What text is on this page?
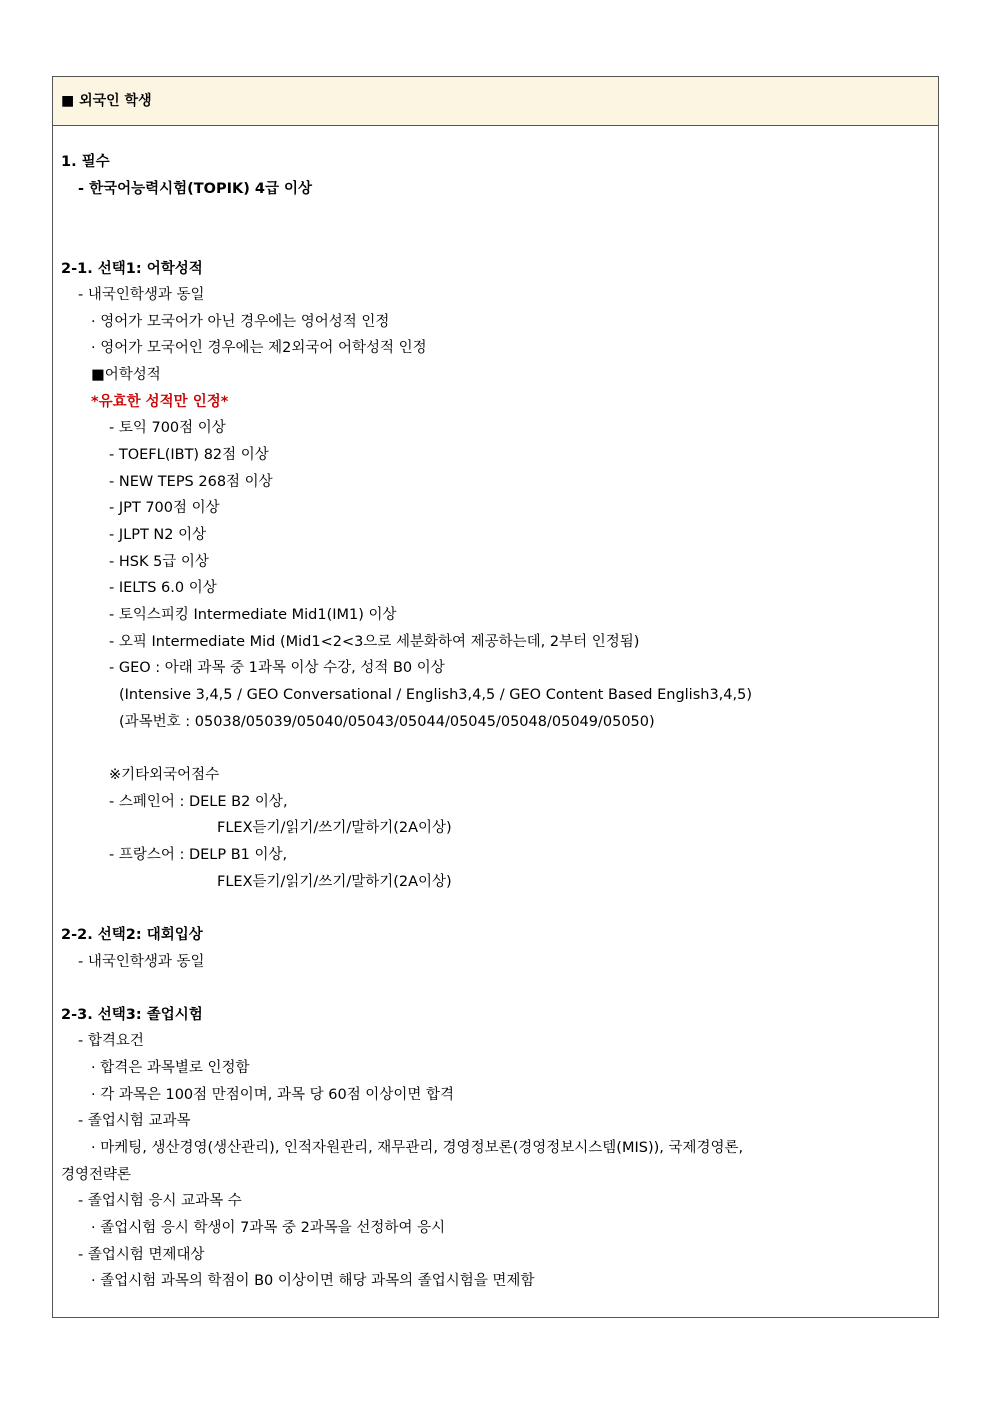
■ 외국인 학생
1. 필수
- 한국어능력시험(TOPIK) 4급 이상
2-1. 선택1: 어학성적
- 내국인학생과 동일
· 영어가 모국어가 아닌 경우에는 영어성적 인정
· 영어가 모국어인 경우에는 제2외국어 어학성적 인정
■어학성적
*유효한 성적만 인정*
- 토익 700점 이상
- TOEFL(IBT) 82점 이상
- NEW TEPS 268점 이상
- JPT 700점 이상
- JLPT N2 이상
- HSK 5급 이상
- IELTS 6.0 이상
- 토익스피킹 Intermediate Mid1(IM1) 이상
- 오픽 Intermediate Mid (Mid1<2<3으로 세분화하여 제공하는데, 2부터 인정됨)
- GEO : 아래 과목 중 1과목 이상 수강, 성적 B0 이상
(Intensive 3,4,5 / GEO Conversational / English3,4,5 / GEO Content Based English3,4,5)
(과목번호 : 05038/05039/05040/05043/05044/05045/05048/05049/05050)
※기타외국어점수
- 스페인어 : DELE B2 이상,
FLEX듣기/읽기/쓰기/말하기(2A이상)
- 프랑스어 : DELP B1 이상,
FLEX듣기/읽기/쓰기/말하기(2A이상)
2-2. 선택2: 대회입상
- 내국인학생과 동일
2-3. 선택3: 졸업시험
- 합격요건
· 합격은 과목별로 인정함
· 각 과목은 100점 만점이며, 과목 당 60점 이상이면 합격
- 졸업시험 교과목
· 마케팅, 생산경영(생산관리), 인적자원관리, 재무관리, 경영정보론(경영정보시스템(MIS)), 국제경영론,
경영전략론
- 졸업시험 응시 교과목 수
· 졸업시험 응시 학생이 7과목 중 2과목을 선정하여 응시
- 졸업시험 면제대상
· 졸업시험 과목의 학점이 B0 이상이면 해당 과목의 졸업시험을 면제함
